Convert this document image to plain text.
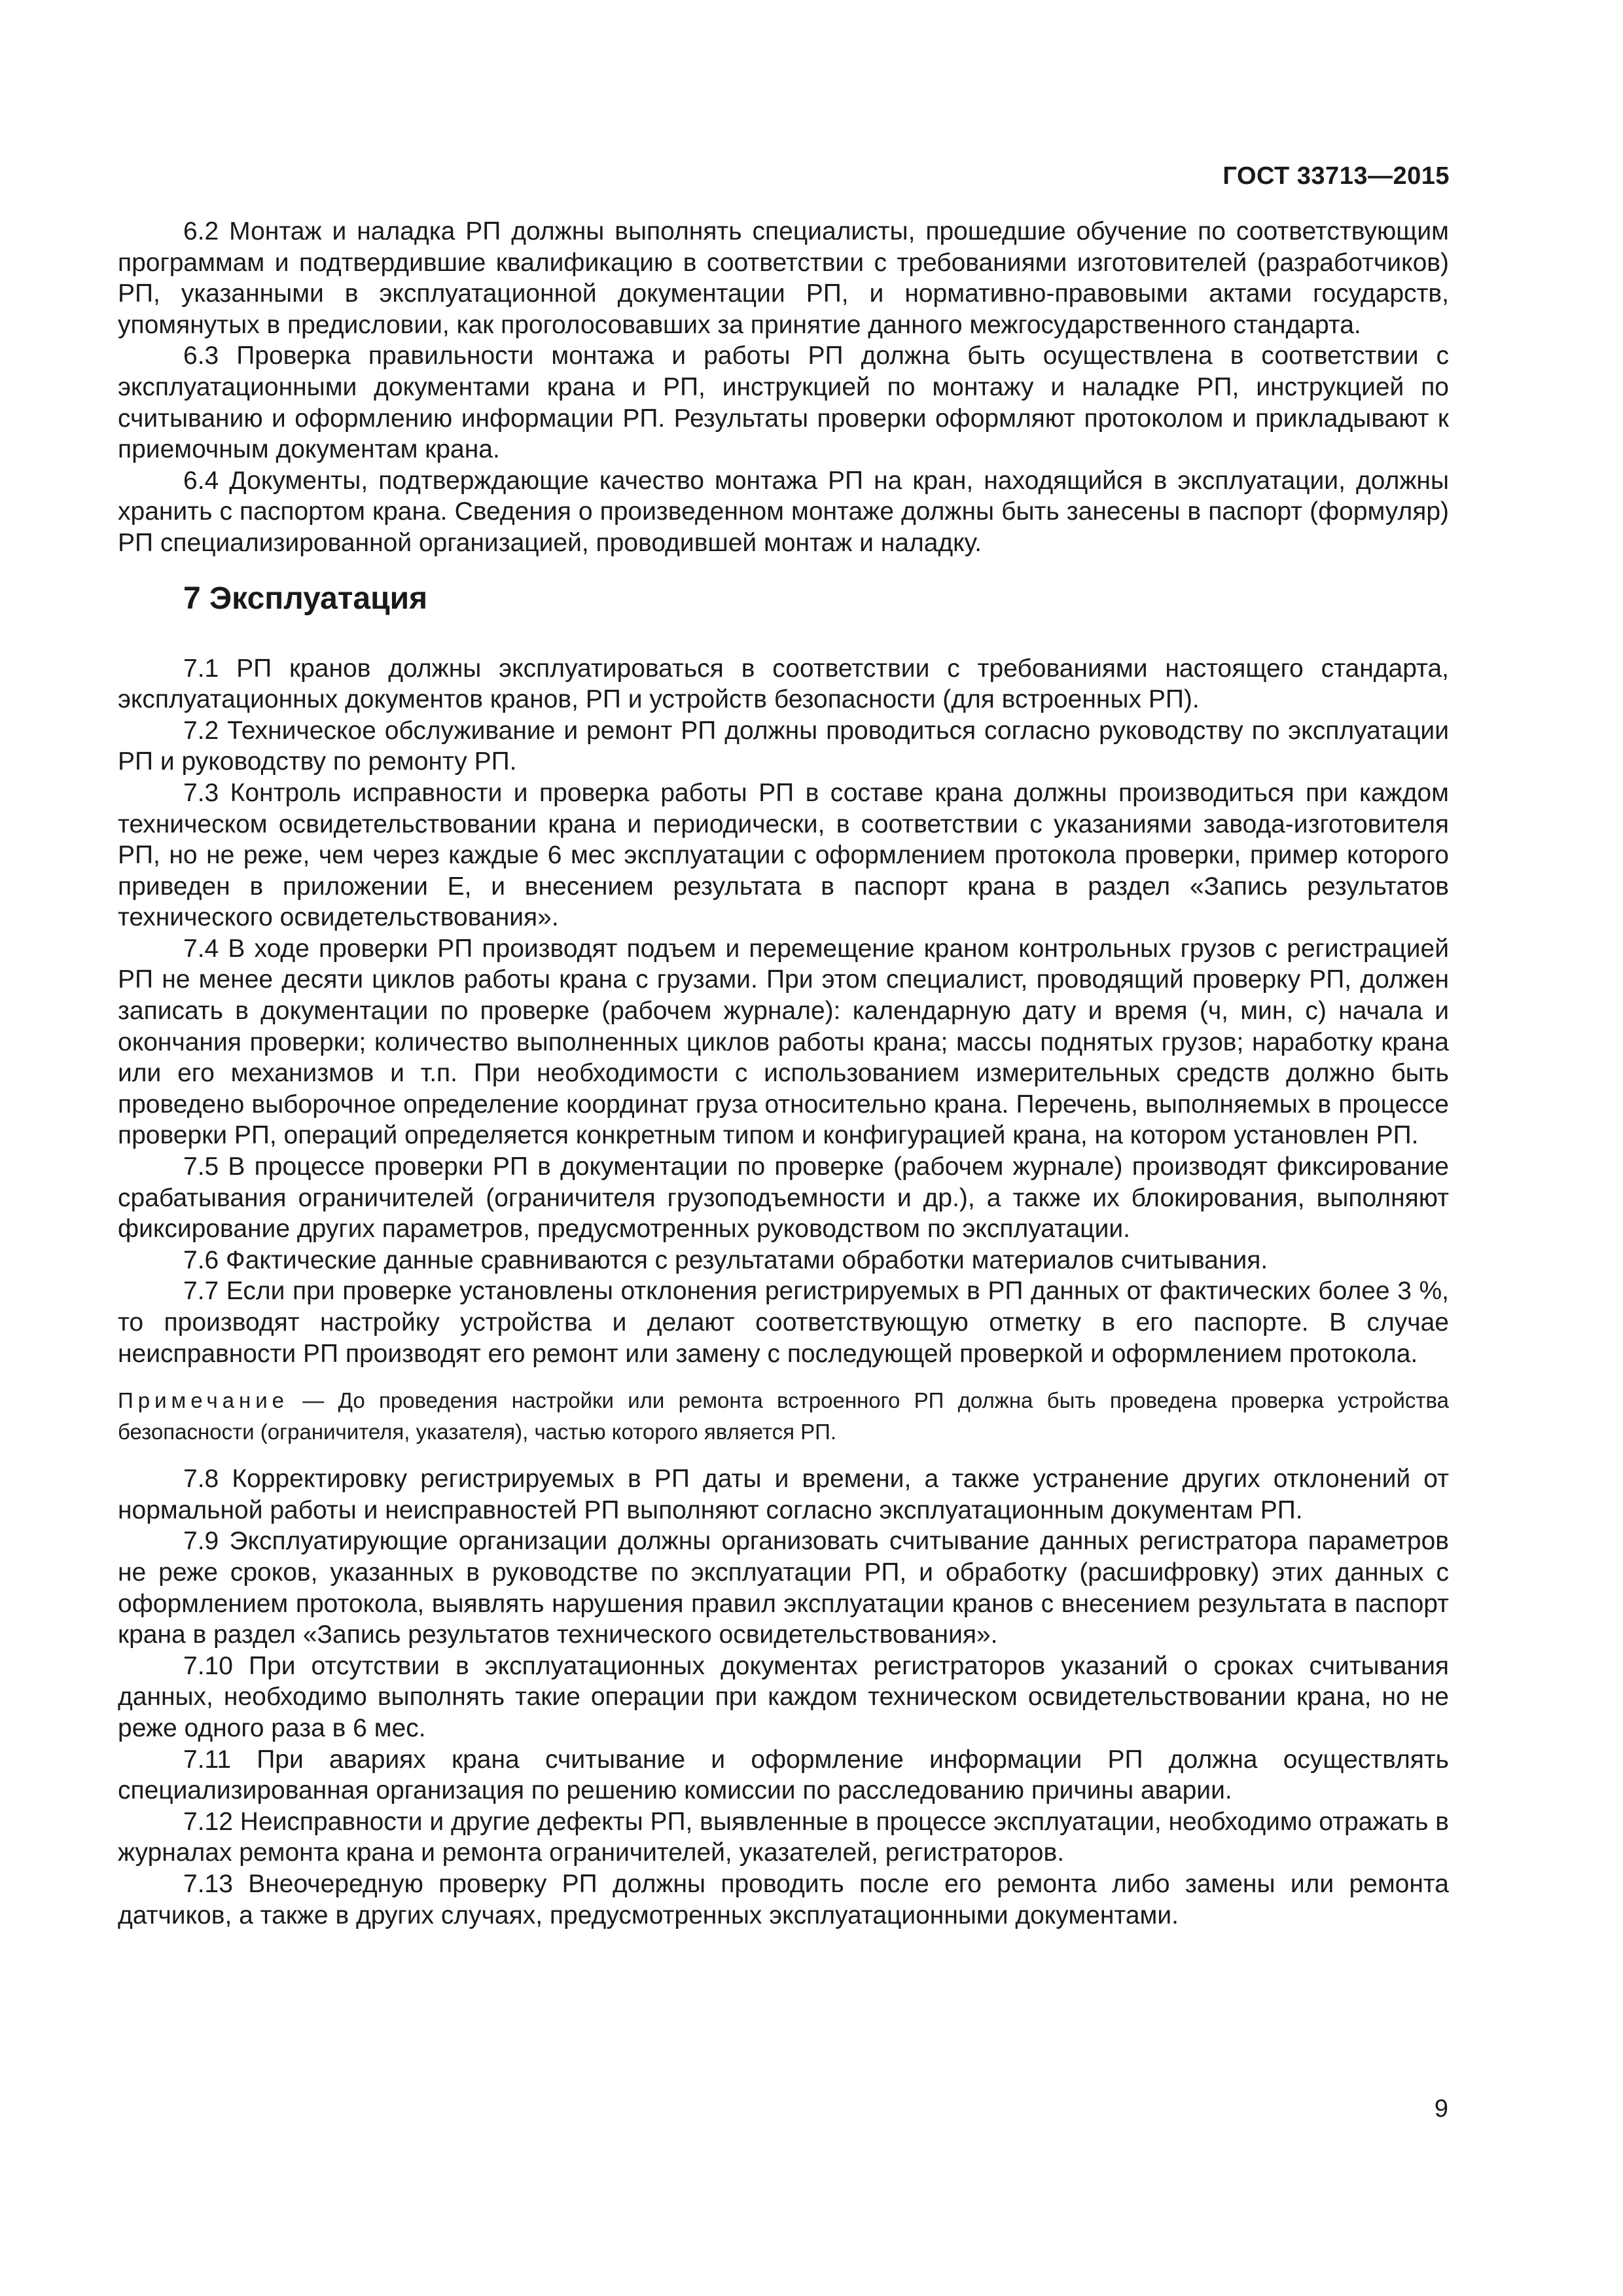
ГОСТ 33713—2015

6.2 Монтаж и наладка РП должны выполнять специалисты, прошедшие обучение по соответствующим программам и подтвердившие квалификацию в соответствии с требованиями изготовителей (разработчиков) РП, указанными в эксплуатационной документации РП, и нормативно-правовыми актами государств, упомянутых в предисловии, как проголосовавших за принятие данного межгосударственного стандарта.

6.3 Проверка правильности монтажа и работы РП должна быть осуществлена в соответствии с эксплуатационными документами крана и РП, инструкцией по монтажу и наладке РП, инструкцией по считыванию и оформлению информации РП. Результаты проверки оформляют протоколом и прикладывают к приемочным документам крана.

6.4 Документы, подтверждающие качество монтажа РП на кран, находящийся в эксплуатации, должны хранить с паспортом крана. Сведения о произведенном монтаже должны быть занесены в паспорт (формуляр) РП специализированной организацией, проводившей монтаж и наладку.

7 Эксплуатация

7.1 РП кранов должны эксплуатироваться в соответствии с требованиями настоящего стандарта, эксплуатационных документов кранов, РП и устройств безопасности (для встроенных РП).

7.2 Техническое обслуживание и ремонт РП должны проводиться согласно руководству по эксплуатации РП и руководству по ремонту РП.

7.3 Контроль исправности и проверка работы РП в составе крана должны производиться при каждом техническом освидетельствовании крана и периодически, в соответствии с указаниями завода-изготовителя РП, но не реже, чем через каждые 6 мес эксплуатации с оформлением протокола проверки, пример которого приведен в приложении Е, и внесением результата в паспорт крана в раздел «Запись результатов технического освидетельствования».

7.4 В ходе проверки РП производят подъем и перемещение краном контрольных грузов с регистрацией РП не менее десяти циклов работы крана с грузами. При этом специалист, проводящий проверку РП, должен записать в документации по проверке (рабочем журнале): календарную дату и время (ч, мин, с) начала и окончания проверки; количество выполненных циклов работы крана; массы поднятых грузов; наработку крана или его механизмов и т.п. При необходимости с использованием измерительных средств должно быть проведено выборочное определение координат груза относительно крана. Перечень, выполняемых в процессе проверки РП, операций определяется конкретным типом и конфигурацией крана, на котором установлен РП.

7.5 В процессе проверки РП в документации по проверке (рабочем журнале) производят фиксирование срабатывания ограничителей (ограничителя грузоподъемности и др.), а также их блокирования, выполняют фиксирование других параметров, предусмотренных руководством по эксплуатации.

7.6 Фактические данные сравниваются с результатами обработки материалов считывания.

7.7 Если при проверке установлены отклонения регистрируемых в РП данных от фактических более 3 %, то производят настройку устройства и делают соответствующую отметку в его паспорте. В случае неисправности РП производят его ремонт или замену с последующей проверкой и оформлением протокола.

Примечание — До проведения настройки или ремонта встроенного РП должна быть проведена проверка устройства безопасности (ограничителя, указателя), частью которого является РП.

7.8 Корректировку регистрируемых в РП даты и времени, а также устранение других отклонений от нормальной работы и неисправностей РП выполняют согласно эксплуатационным документам РП.

7.9 Эксплуатирующие организации должны организовать считывание данных регистратора параметров не реже сроков, указанных в руководстве по эксплуатации РП, и обработку (расшифровку) этих данных с оформлением протокола, выявлять нарушения правил эксплуатации кранов с внесением результата в паспорт крана в раздел «Запись результатов технического освидетельствования».

7.10 При отсутствии в эксплуатационных документах регистраторов указаний о сроках считывания данных, необходимо выполнять такие операции при каждом техническом освидетельствовании крана, но не реже одного раза в 6 мес.

7.11 При авариях крана считывание и оформление информации РП должна осуществлять специализированная организация по решению комиссии по расследованию причины аварии.

7.12 Неисправности и другие дефекты РП, выявленные в процессе эксплуатации, необходимо отражать в журналах ремонта крана и ремонта ограничителей, указателей, регистраторов.

7.13 Внеочередную проверку РП должны проводить после его ремонта либо замены или ремонта датчиков, а также в других случаях, предусмотренных эксплуатационными документами.

9
